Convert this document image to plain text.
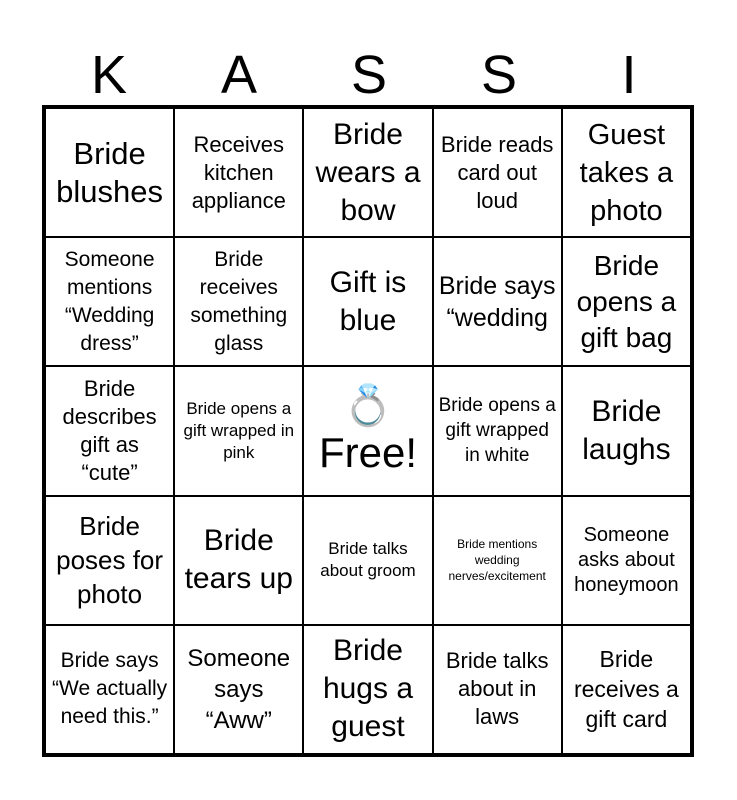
K	A	S	S	I
Bride blushes
Receives kitchen appliance
Bride wears a bow
Bride reads card out loud
Guest takes a photo
Someone mentions “Wedding dress”
Bride receives something glass
Gift is blue
Bride says “wedding
Bride opens a gift bag
Bride describes gift as “cute”
Bride opens a gift wrapped in pink
💍
Free!
Bride opens a gift wrapped in white
Bride laughs
Bride poses for photo
Bride tears up
Bride talks about groom
Bride mentions wedding nerves/excitement
Someone asks about honeymoon
Bride says “We actually need this.”
Someone says “Aww”
Bride hugs a guest
Bride talks about in laws
Bride receives a gift card
